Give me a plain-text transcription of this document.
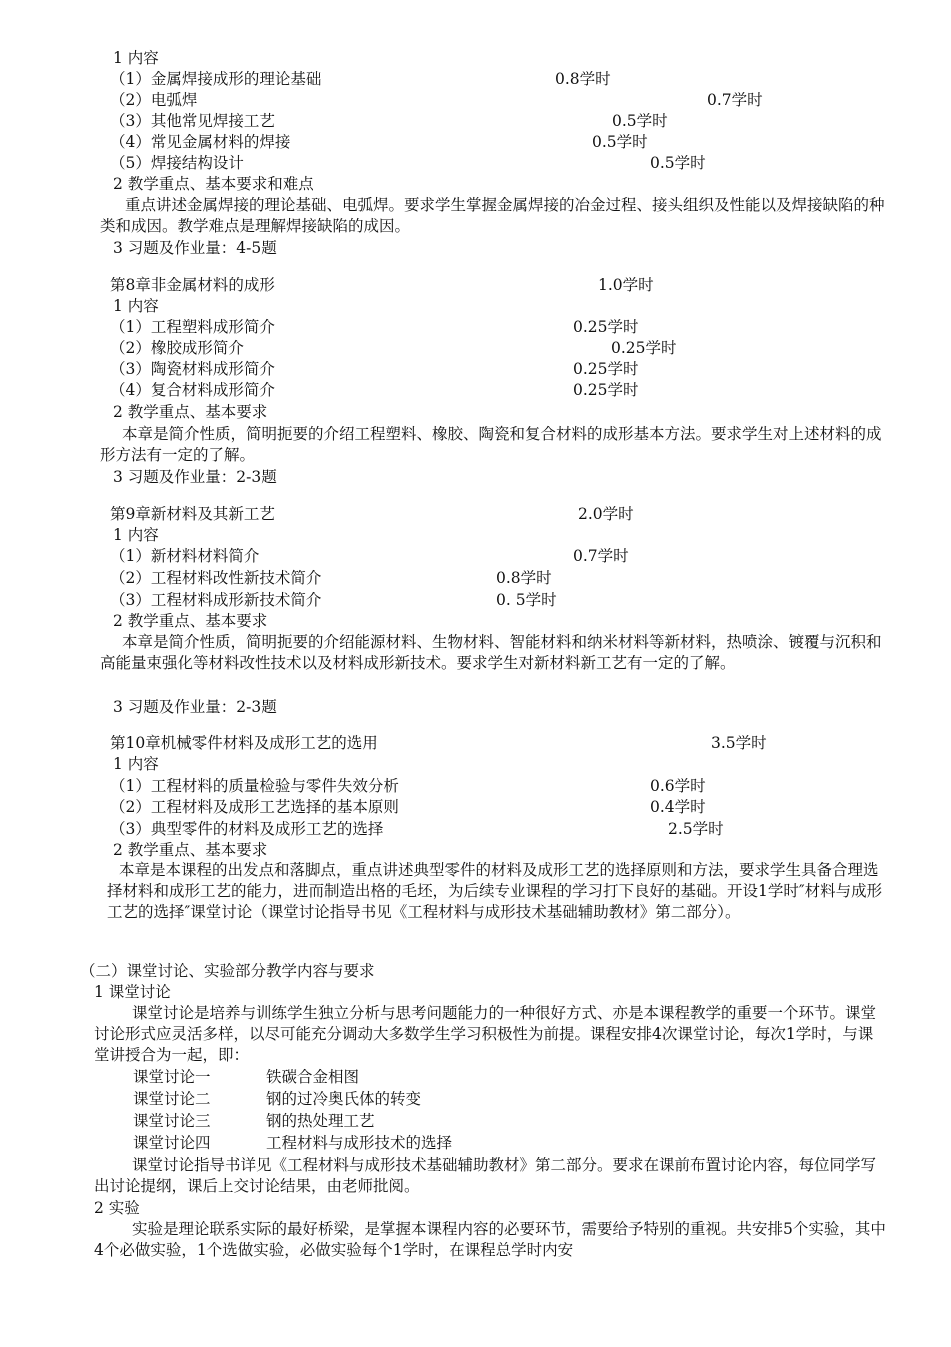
1 内容
（1）金属焊接成形的理论基础	0.8学时
（2）电弧焊	0.7学时
（3）其他常见焊接工艺	0.5学时
（4）常见金属材料的焊接	0.5学时
（5）焊接结构设计	0.5学时
2 教学重点、基本要求和难点
重点讲述金属焊接的理论基础、电弧焊。要求学生掌握金属焊接的冶金过程、接头组织及性能以及焊接缺陷的种类和成因。教学难点是理解焊接缺陷的成因。
3 习题及作业量：4-5题
第8章非金属材料的成形	1.0学时
1 内容
（1）工程塑料成形简介	0.25学时
（2）橡胶成形简介	0.25学时
（3）陶瓷材料成形简介	0.25学时
（4）复合材料成形简介	0.25学时
2 教学重点、基本要求
本章是简介性质，简明扼要的介绍工程塑料、橡胶、陶瓷和复合材料的成形基本方法。要求学生对上述材料的成形方法有一定的了解。
3 习题及作业量：2-3题
第9章新材料及其新工艺	2.0学时
1 内容
（1）新材料材料简介	0.7学时
（2）工程材料改性新技术简介	0.8学时
（3）工程材料成形新技术简介	0. 5学时
2 教学重点、基本要求
本章是简介性质，简明扼要的介绍能源材料、生物材料、智能材料和纳米材料等新材料，热喷涂、镀覆与沉积和高能量束强化等材料改性技术以及材料成形新技术。要求学生对新材料新工艺有一定的了解。
3 习题及作业量：2-3题
第10章机械零件材料及成形工艺的选用	3.5学时
1 内容
（1）工程材料的质量检验与零件失效分析	0.6学时
（2）工程材料及成形工艺选择的基本原则	0.4学时
（3）典型零件的材料及成形工艺的选择	2.5学时
2 教学重点、基本要求
本章是本课程的出发点和落脚点，重点讲述典型零件的材料及成形工艺的选择原则和方法，要求学生具备合理选择材料和成形工艺的能力，进而制造出格的毛坯，为后续专业课程的学习打下良好的基础。开设1学时″材料与成形工艺的选择″课堂讨论（课堂讨论指导书见《工程材料与成形技术基础辅助教材》第二部分）。
（二）课堂讨论、实验部分教学内容与要求
1 课堂讨论
课堂讨论是培养与训练学生独立分析与思考问题能力的一种很好方式、亦是本课程教学的重要一个环节。课堂讨论形式应灵活多样，以尽可能充分调动大多数学生学习积极性为前提。课程安排4次课堂讨论，每次1学时，与课堂讲授合为一起，即：
课堂讨论一	铁碳合金相图
课堂讨论二	钢的过冷奥氏体的转变
课堂讨论三	钢的热处理工艺
课堂讨论四	工程材料与成形技术的选择
课堂讨论指导书详见《工程材料与成形技术基础辅助教材》第二部分。要求在课前布置讨论内容，每位同学写出讨论提纲，课后上交讨论结果，由老师批阅。
2 实验
实验是理论联系实际的最好桥梁，是掌握本课程内容的必要环节，需要给予特别的重视。共安排5个实验，其中4个必做实验，1个选做实验，必做实验每个1学时，在课程总学时内安
